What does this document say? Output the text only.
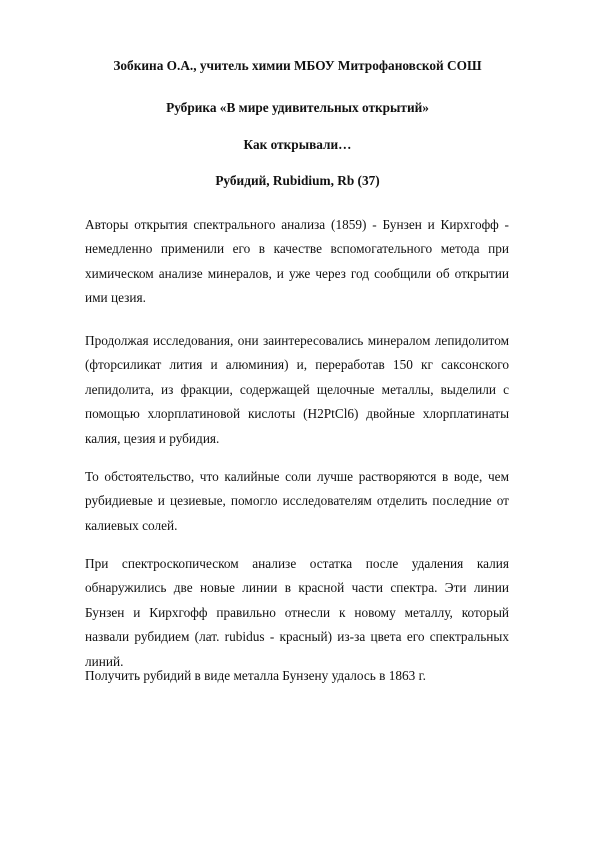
Зобкина О.А., учитель химии МБОУ Митрофановской СОШ
Рубрика «В мире удивительных открытий»
Как открывали…
Рубидий, Rubidium, Rb (37)

Авторы открытия спектрального анализа (1859) - Бунзен и Кирхгофф - немедленно применили его в качестве вспомогательного метода при химическом анализе минералов, и уже через год сообщили об открытии ими цезия.

Продолжая исследования, они заинтересовались минералом лепидолитом (фторсиликат лития и алюминия) и, переработав 150 кг саксонского лепидолита, из фракции, содержащей щелочные металлы, выделили с помощью хлорплатиновой кислоты (H2PtCl6) двойные хлорплатинаты калия, цезия и рубидия.

То обстоятельство, что калийные соли лучше растворяются в воде, чем рубидиевые и цезиевые, помогло исследователям отделить последние от калиевых солей.

При спектроскопическом анализе остатка после удаления калия обнаружились две новые линии в красной части спектра. Эти линии Бунзен и Кирхгофф правильно отнесли к новому металлу, который назвали рубидием (лат. rubidus - красный) из-за цвета его спектральных линий.

Получить рубидий в виде металла Бунзену удалось в 1863 г.
